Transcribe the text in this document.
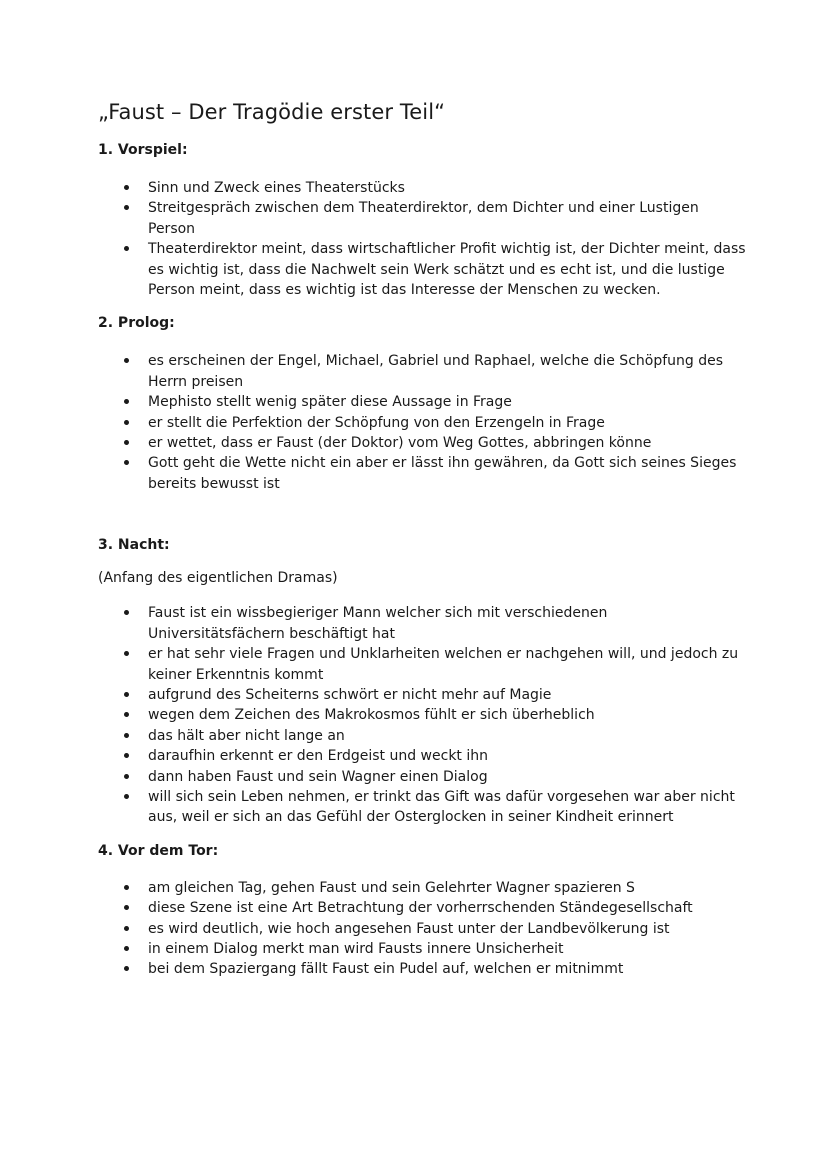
„Faust – Der Tragödie erster Teil“
1. Vorspiel:
Sinn und Zweck eines Theaterstücks
Streitgespräch zwischen dem Theaterdirektor, dem Dichter und einer Lustigen Person
Theaterdirektor meint, dass wirtschaftlicher Profit wichtig ist, der Dichter meint, dass es wichtig ist, dass die Nachwelt sein Werk schätzt und es echt ist, und die lustige Person meint, dass es wichtig ist das Interesse der Menschen zu wecken.
2. Prolog:
es erscheinen der Engel, Michael, Gabriel und Raphael, welche die Schöpfung des Herrn preisen
Mephisto stellt wenig später diese Aussage in Frage
er stellt die Perfektion der Schöpfung von den Erzengeln in Frage
er wettet, dass er Faust (der Doktor) vom Weg Gottes, abbringen könne
Gott geht die Wette nicht ein aber er lässt ihn gewähren, da Gott sich seines Sieges bereits bewusst ist
3. Nacht:

(Anfang des eigentlichen Dramas)

Faust ist ein wissbegieriger Mann welcher sich mit verschiedenen Universitätsfächern beschäftigt hat
er hat sehr viele Fragen und Unklarheiten welchen er nachgehen will, und jedoch zu keiner Erkenntnis kommt
aufgrund des Scheiterns schwört er nicht mehr auf Magie
wegen dem Zeichen des Makrokosmos fühlt er sich überheblich
das hält aber nicht lange an
daraufhin erkennt er den Erdgeist und weckt ihn
dann haben Faust und sein Wagner einen Dialog
will sich sein Leben nehmen, er trinkt das Gift was dafür vorgesehen war aber nicht aus, weil er sich an das Gefühl der Osterglocken in seiner Kindheit erinnert
4. Vor dem Tor:
am gleichen Tag, gehen Faust und sein Gelehrter Wagner spazieren S
diese Szene ist eine Art Betrachtung der vorherrschenden Ständegesellschaft
es wird deutlich, wie hoch angesehen Faust unter der Landbevölkerung ist
in einem Dialog merkt man wird Fausts innere Unsicherheit
bei dem Spaziergang fällt Faust ein Pudel auf, welchen er mitnimmt
